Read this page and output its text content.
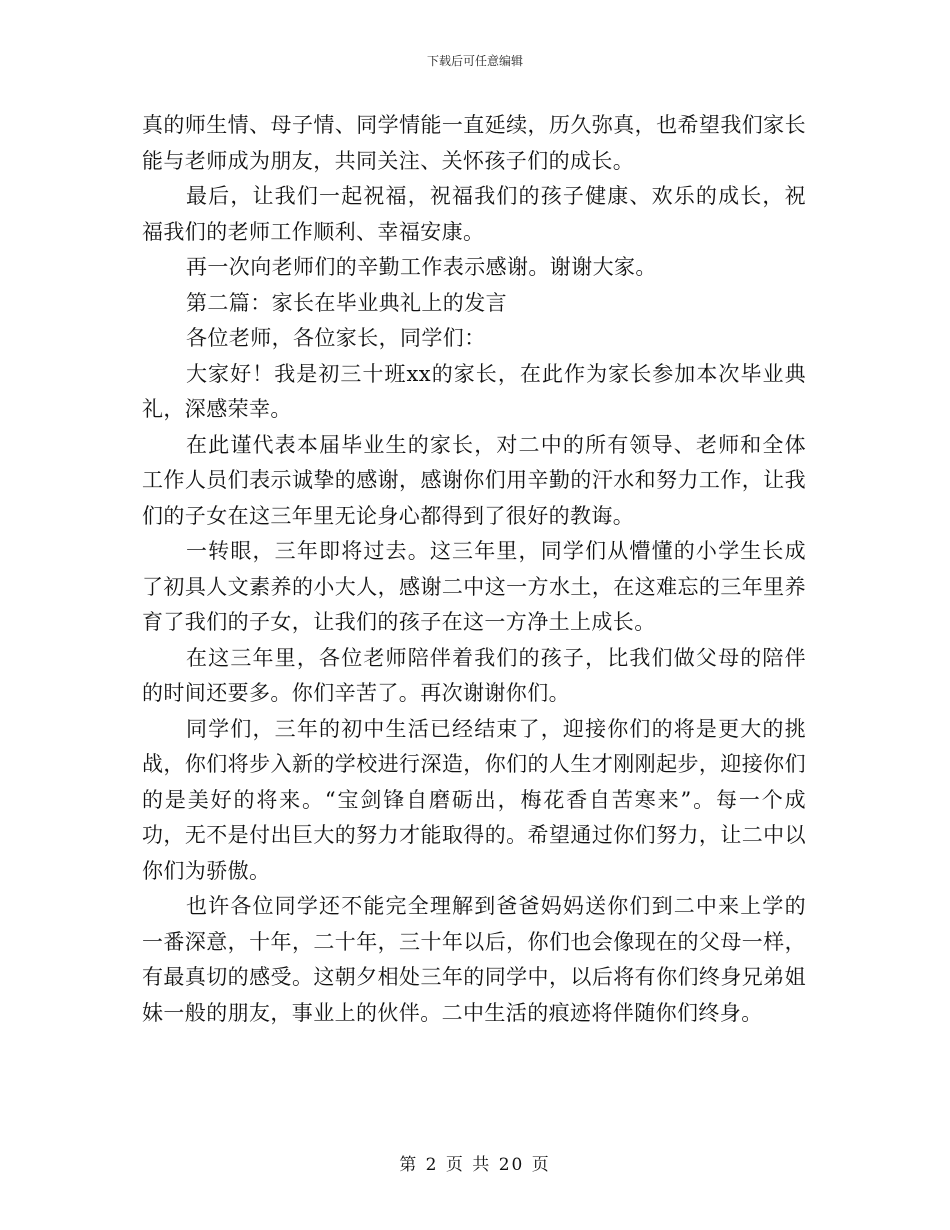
下载后可任意编辑

真的师生情、母子情、同学情能一直延续，历久弥真，也希望我们家长能与老师成为朋友，共同关注、关怀孩子们的成长。

最后，让我们一起祝福，祝福我们的孩子健康、欢乐的成长，祝福我们的老师工作顺利、幸福安康。

再一次向老师们的辛勤工作表示感谢。谢谢大家。

第二篇：家长在毕业典礼上的发言

各位老师，各位家长，同学们：

大家好！我是初三十班xx的家长，在此作为家长参加本次毕业典礼，深感荣幸。

在此谨代表本届毕业生的家长，对二中的所有领导、老师和全体工作人员们表示诚挚的感谢，感谢你们用辛勤的汗水和努力工作，让我们的子女在这三年里无论身心都得到了很好的教诲。

一转眼，三年即将过去。这三年里，同学们从懵懂的小学生长成了初具人文素养的小大人，感谢二中这一方水土，在这难忘的三年里养育了我们的子女，让我们的孩子在这一方净土上成长。

在这三年里，各位老师陪伴着我们的孩子，比我们做父母的陪伴的时间还要多。你们辛苦了。再次谢谢你们。

同学们，三年的初中生活已经结束了，迎接你们的将是更大的挑战，你们将步入新的学校进行深造，你们的人生才刚刚起步，迎接你们的是美好的将来。“宝剑锋自磨砺出，梅花香自苦寒来”。每一个成功，无不是付出巨大的努力才能取得的。希望通过你们努力，让二中以你们为骄傲。

也许各位同学还不能完全理解到爸爸妈妈送你们到二中来上学的一番深意，十年，二十年，三十年以后，你们也会像现在的父母一样，有最真切的感受。这朝夕相处三年的同学中，以后将有你们终身兄弟姐妹一般的朋友，事业上的伙伴。二中生活的痕迹将伴随你们终身。

第 2 页 共 20 页
